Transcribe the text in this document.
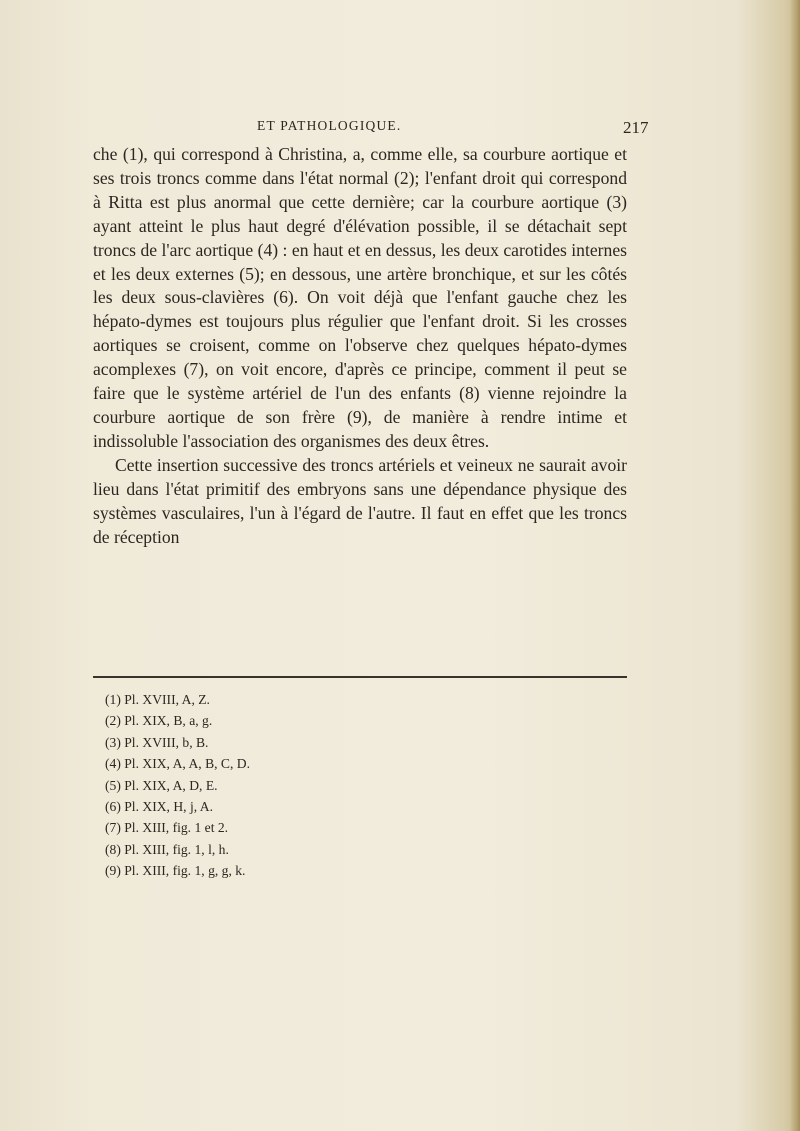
ET PATHOLOGIQUE.	217

che (1), qui correspond à Christina, a, comme elle, sa courbure aortique et ses trois troncs comme dans l'état normal (2); l'enfant droit qui correspond à Ritta est plus anormal que cette dernière; car la courbure aortique (3) ayant atteint le plus haut degré d'élévation possible, il se détachait sept troncs de l'arc aortique (4) : en haut et en dessus, les deux carotides internes et les deux externes (5); en dessous, une artère bronchique, et sur les côtés les deux sous-clavières (6). On voit déjà que l'enfant gauche chez les hépato-dymes est toujours plus régulier que l'enfant droit. Si les crosses aortiques se croisent, comme on l'observe chez quelques hépato-dymes acomplexes (7), on voit encore, d'après ce principe, comment il peut se faire que le système artériel de l'un des enfants (8) vienne rejoindre la courbure aortique de son frère (9), de manière à rendre intime et indissoluble l'association des organismes des deux êtres.

Cette insertion successive des troncs artériels et veineux ne saurait avoir lieu dans l'état primitif des embryons sans une dépendance physique des systèmes vasculaires, l'un à l'égard de l'autre. Il faut en effet que les troncs de réception

(1) Pl. XVIII, A, Z.
(2) Pl. XIX, B, a, g.
(3) Pl. XVIII, b, B.
(4) Pl. XIX, A, A, B, C, D.
(5) Pl. XIX, A, D, E.
(6) Pl. XIX, H, j, A.
(7) Pl. XIII, fig. 1 et 2.
(8) Pl. XIII, fig. 1, l, h.
(9) Pl. XIII, fig. 1, g, g, k.
